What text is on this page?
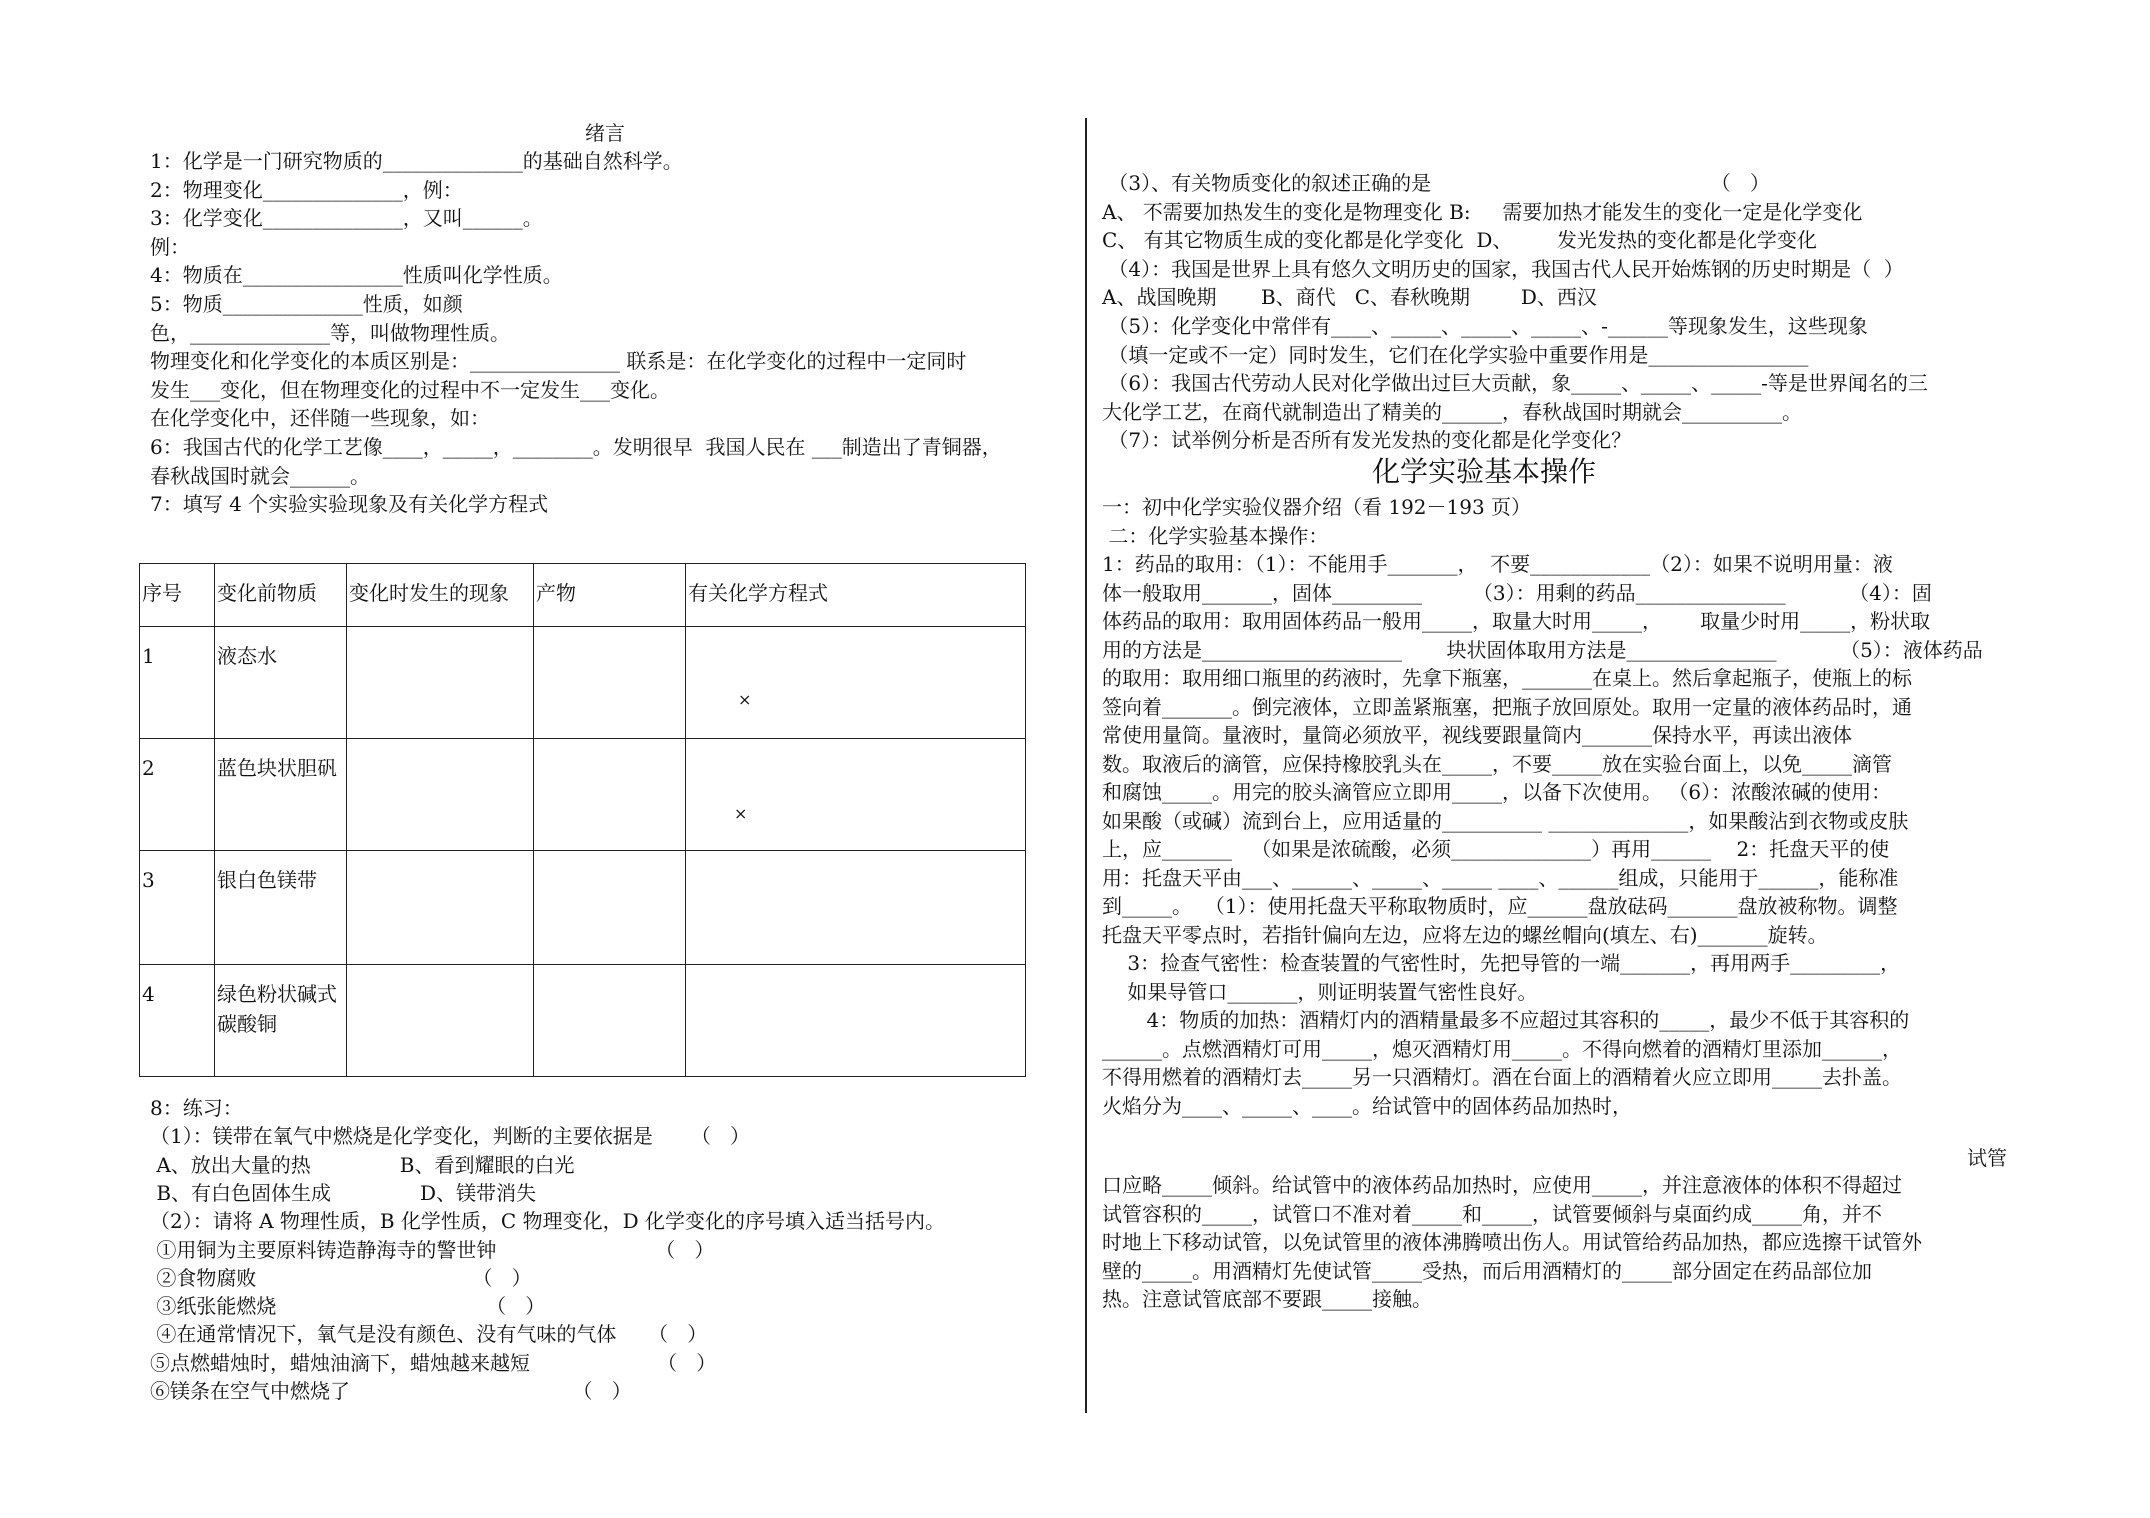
绪言
1：化学是一门研究物质的______________的基础自然科学。
2：物理变化______________，例：
3：化学变化______________，又叫______。
例：
4：物质在________________性质叫化学性质。
5：物质______________性质，如颜
色，______________等，叫做物理性质。
物理变化和化学变化的本质区别是：_______________ 联系是：在化学变化的过程中一定同时
发生___变化，但在物理变化的过程中不一定发生___变化。
在化学变化中，还伴随一些现象，如：
6：我国古代的化学工艺像____，_____，________。发明很早  我国人民在 ___制造出了青铜器，
春秋战国时就会______。
7：填写 4 个实验实验现象及有关化学方程式
序号	变化前物质	变化时发生的现象	产物	有关化学方程式
1	液态水			×

2	蓝色块状胆矾			×

3	银白色镁带			
4	绿色粉状碱式碳酸铜			
8：练习：
（1）：镁带在氧气中燃烧是化学变化，判断的主要依据是      （   ）
A、放出大量的热              B、看到耀眼的白光
B、有白色固体生成              D、镁带消失
（2）：请将 A 物理性质，B 化学性质，C 物理变化，D 化学变化的序号填入适当括号内。
①用铜为主要原料铸造静海寺的警世钟                         （   ）
②食物腐败                                  （   ）
③纸张能燃烧                                 （   ）
④在通常情况下，氧气是没有颜色、没有气味的气体     （   ）
⑤点燃蜡烛时，蜡烛油滴下，蜡烛越来越短                    （   ）
⑥镁条在空气中燃烧了                                   （   ）
（3）、有关物质变化的叙述正确的是                                            （   ）
A、 不需要加热发生的变化是物理变化 B:     需要加热才能发生的变化一定是化学变化
C、 有其它物质生成的变化都是化学变化  D、       发光发热的变化都是化学变化
（4）：我国是世界上具有悠久文明历史的国家，我国古代人民开始炼钢的历史时期是（  ）
A、战国晚期       B、商代   C、春秋晚期        D、西汉
（5）：化学变化中常伴有____、_____、_____、_____、-______等现象发生，这些现象
（填一定或不一定）同时发生，它们在化学实验中重要作用是________________
（6）：我国古代劳动人民对化学做出过巨大贡献，象_____、_____、_____-等是世界闻名的三
大化学工艺，在商代就制造出了精美的______，春秋战国时期就会__________。
（7）：试举例分析是否所有发光发热的变化都是化学变化？
化学实验基本操作
一：初中化学实验仪器介绍（看 192－193 页）
二：化学实验基本操作：
1：药品的取用：（1）：不能用手_______，  不要____________（2）：如果不说明用量：液
体一般取用_______，固体_________        （3）：用剩的药品_______________          （4）：固
体药品的取用：取用固体药品一般用_____，取量大时用_____，      取量少时用_____，粉状取
用的方法是____________________       块状固体取用方法是_______________          （5）：液体药品
的取用：取用细口瓶里的药液时，先拿下瓶塞，_______在桌上。然后拿起瓶子，使瓶上的标
签向着_______。倒完液体，立即盖紧瓶塞，把瓶子放回原处。取用一定量的液体药品时，通
常使用量筒。量液时，量筒必须放平，视线要跟量筒内_______保持水平，再读出液体
数。取液后的滴管，应保持橡胶乳头在_____，不要_____放在实验台面上，以免_____滴管
和腐蚀_____。用完的胶头滴管应立即用_____，以备下次使用。 （6）：浓酸浓碱的使用：
如果酸（或碱）流到台上，应用适量的__________ ______________，如果酸沾到衣物或皮肤
上，应_______   （如果是浓硫酸，必须______________）再用______    2：托盘天平的使
用：托盘天平由___、______、_____、_____ ____、______组成，只能用于______，能称准
到_____。  （1）：使用托盘天平称取物质时，应______盘放砝码_______盘放被称物。调整
托盘天平零点时，若指针偏向左边，应将左边的螺丝帽向(填左、右)_______旋转。
3：捡查气密性：检查装置的气密性时，先把导管的一端_______，再用两手_________，
如果导管口_______，则证明装置气密性良好。
4：物质的加热：酒精灯内的酒精量最多不应超过其容积的_____，最少不低于其容积的
______。点燃酒精灯可用_____，熄灭酒精灯用_____。不得向燃着的酒精灯里添加______，
不得用燃着的酒精灯去_____另一只酒精灯。酒在台面上的酒精着火应立即用_____去扑盖。
火焰分为____、_____、____。给试管中的固体药品加热时，
试管
口应略_____倾斜。给试管中的液体药品加热时，应使用_____，并注意液体的体积不得超过
试管容积的_____，试管口不准对着_____和_____，试管要倾斜与桌面约成_____角，并不
时地上下移动试管，以免试管里的液体沸腾喷出伤人。用试管给药品加热，都应选擦干试管外
壁的_____。用酒精灯先使试管_____受热，而后用酒精灯的_____部分固定在药品部位加
热。注意试管底部不要跟_____接触。
